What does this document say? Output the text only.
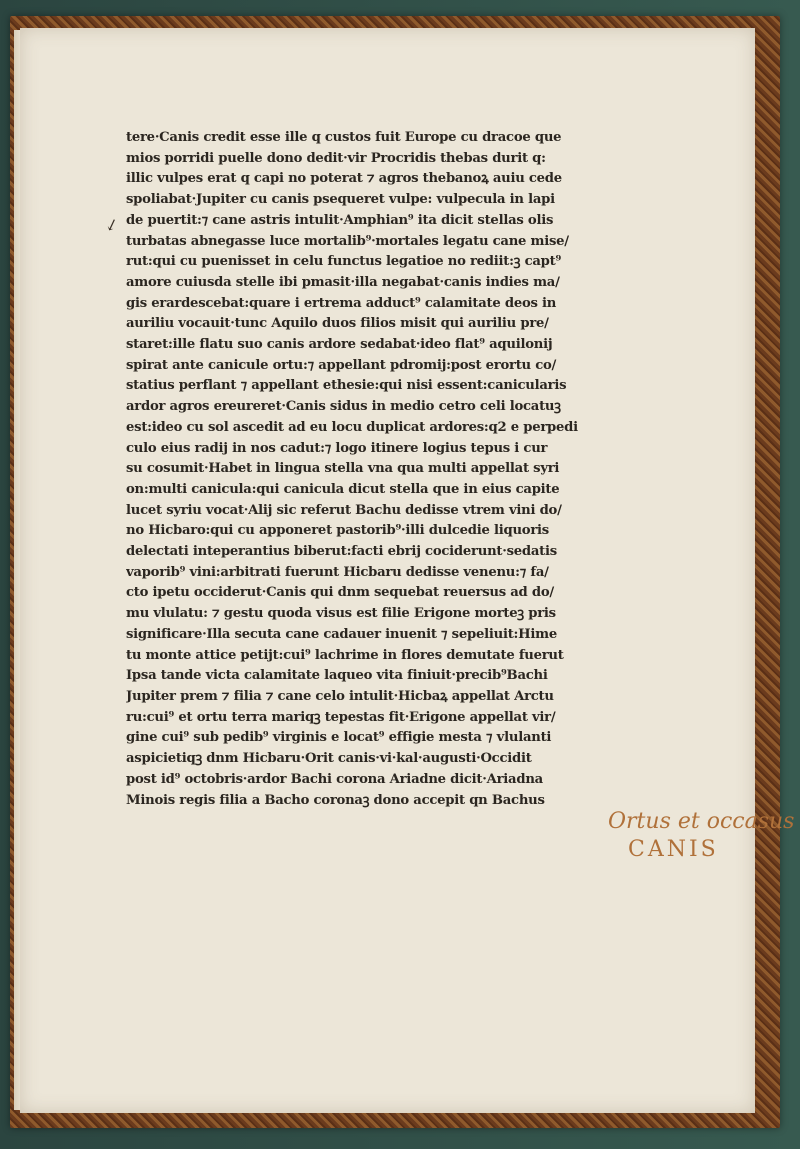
tere·Canis credit esse ille q custos fuit Europe cu dracoe que
mios porridi puelle dono dedit·vir Procridis thebas durit q:
illic vulpes erat q capi no poterat ⁊ agros thebanoꝝ auiu cede
spoliabat·Jupiter cu canis psequeret vulpe: vulpecula in lapi
de puertit:⁊ cane astris intulit·Amphian⁹ ita dicit stellas olis
turbatas abnegasse luce mortalib⁹·mortales legatu cane mise/
rut:qui cu puenisset in celu functus legatioe no rediit:ꝫ capt⁹
amore cuiusda stelle ibi pmasit·illa negabat·canis indies ma/
gis erardescebat:quare i ertrema adduct⁹ calamitate deos in
auriliu vocauit·tunc Aquilo duos filios misit qui auriliu pre/
staret:ille flatu suo canis ardore sedabat·ideo flat⁹ aquilonij
spirat ante canicule ortu:⁊ appellant pdromij:post erortu co/
statius perflant ⁊ appellant ethesie:qui nisi essent:canicularis
ardor agros ereureret·Canis sidus in medio cetro celi locatuꝫ
est:ideo cu sol ascedit ad eu locu duplicat ardores:q2 e perpedi
culo eius radij in nos cadut:⁊ logo itinere logius tepus i cur
su cosumit·Habet in lingua stella vna qua multi appellat syri
on:multi canicula:qui canicula dicut stella que in eius capite
lucet syriu vocat·Alij sic referut Bachu dedisse vtrem vini do/
no Hicbaro:qui cu apponeret pastorib⁹·illi dulcedie liquoris
delectati inteperantius biberut:facti ebrij cociderunt·sedatis
vaporib⁹ vini:arbitrati fuerunt Hicbaru dedisse venenu:⁊ fa/
cto ipetu occiderut·Canis qui dnm sequebat reuersus ad do/
mu vlulatu: ⁊ gestu quoda visus est filie Erigone morteꝫ pris
significare·Illa secuta cane cadauer inuenit ⁊ sepeliuit:Hime
tu monte attice petijt:cui⁹ lachrime in flores demutate fuerut
Ipsa tande victa calamitate laqueo vita finiuit·precib⁹Bachi
Jupiter prem ⁊ filia ⁊ cane celo intulit·Hicbaꝝ appellat Arctu
ru:cui⁹ et ortu terra mariqꝫ tepestas fit·Erigone appellat vir/
gine cui⁹ sub pedib⁹ virginis e locat⁹ effigie mesta ⁊ vlulanti
aspicietiqꝫ dnm Hicbaru·Orit canis·vi·kal·augusti·Occidit
post id⁹ octobris·ardor Bachi corona Ariadne dicit·Ariadna
Minois regis filia a Bacho coronaꝫ dono accepit qn Bachus
↙
Ortus et occasus
CANIS
